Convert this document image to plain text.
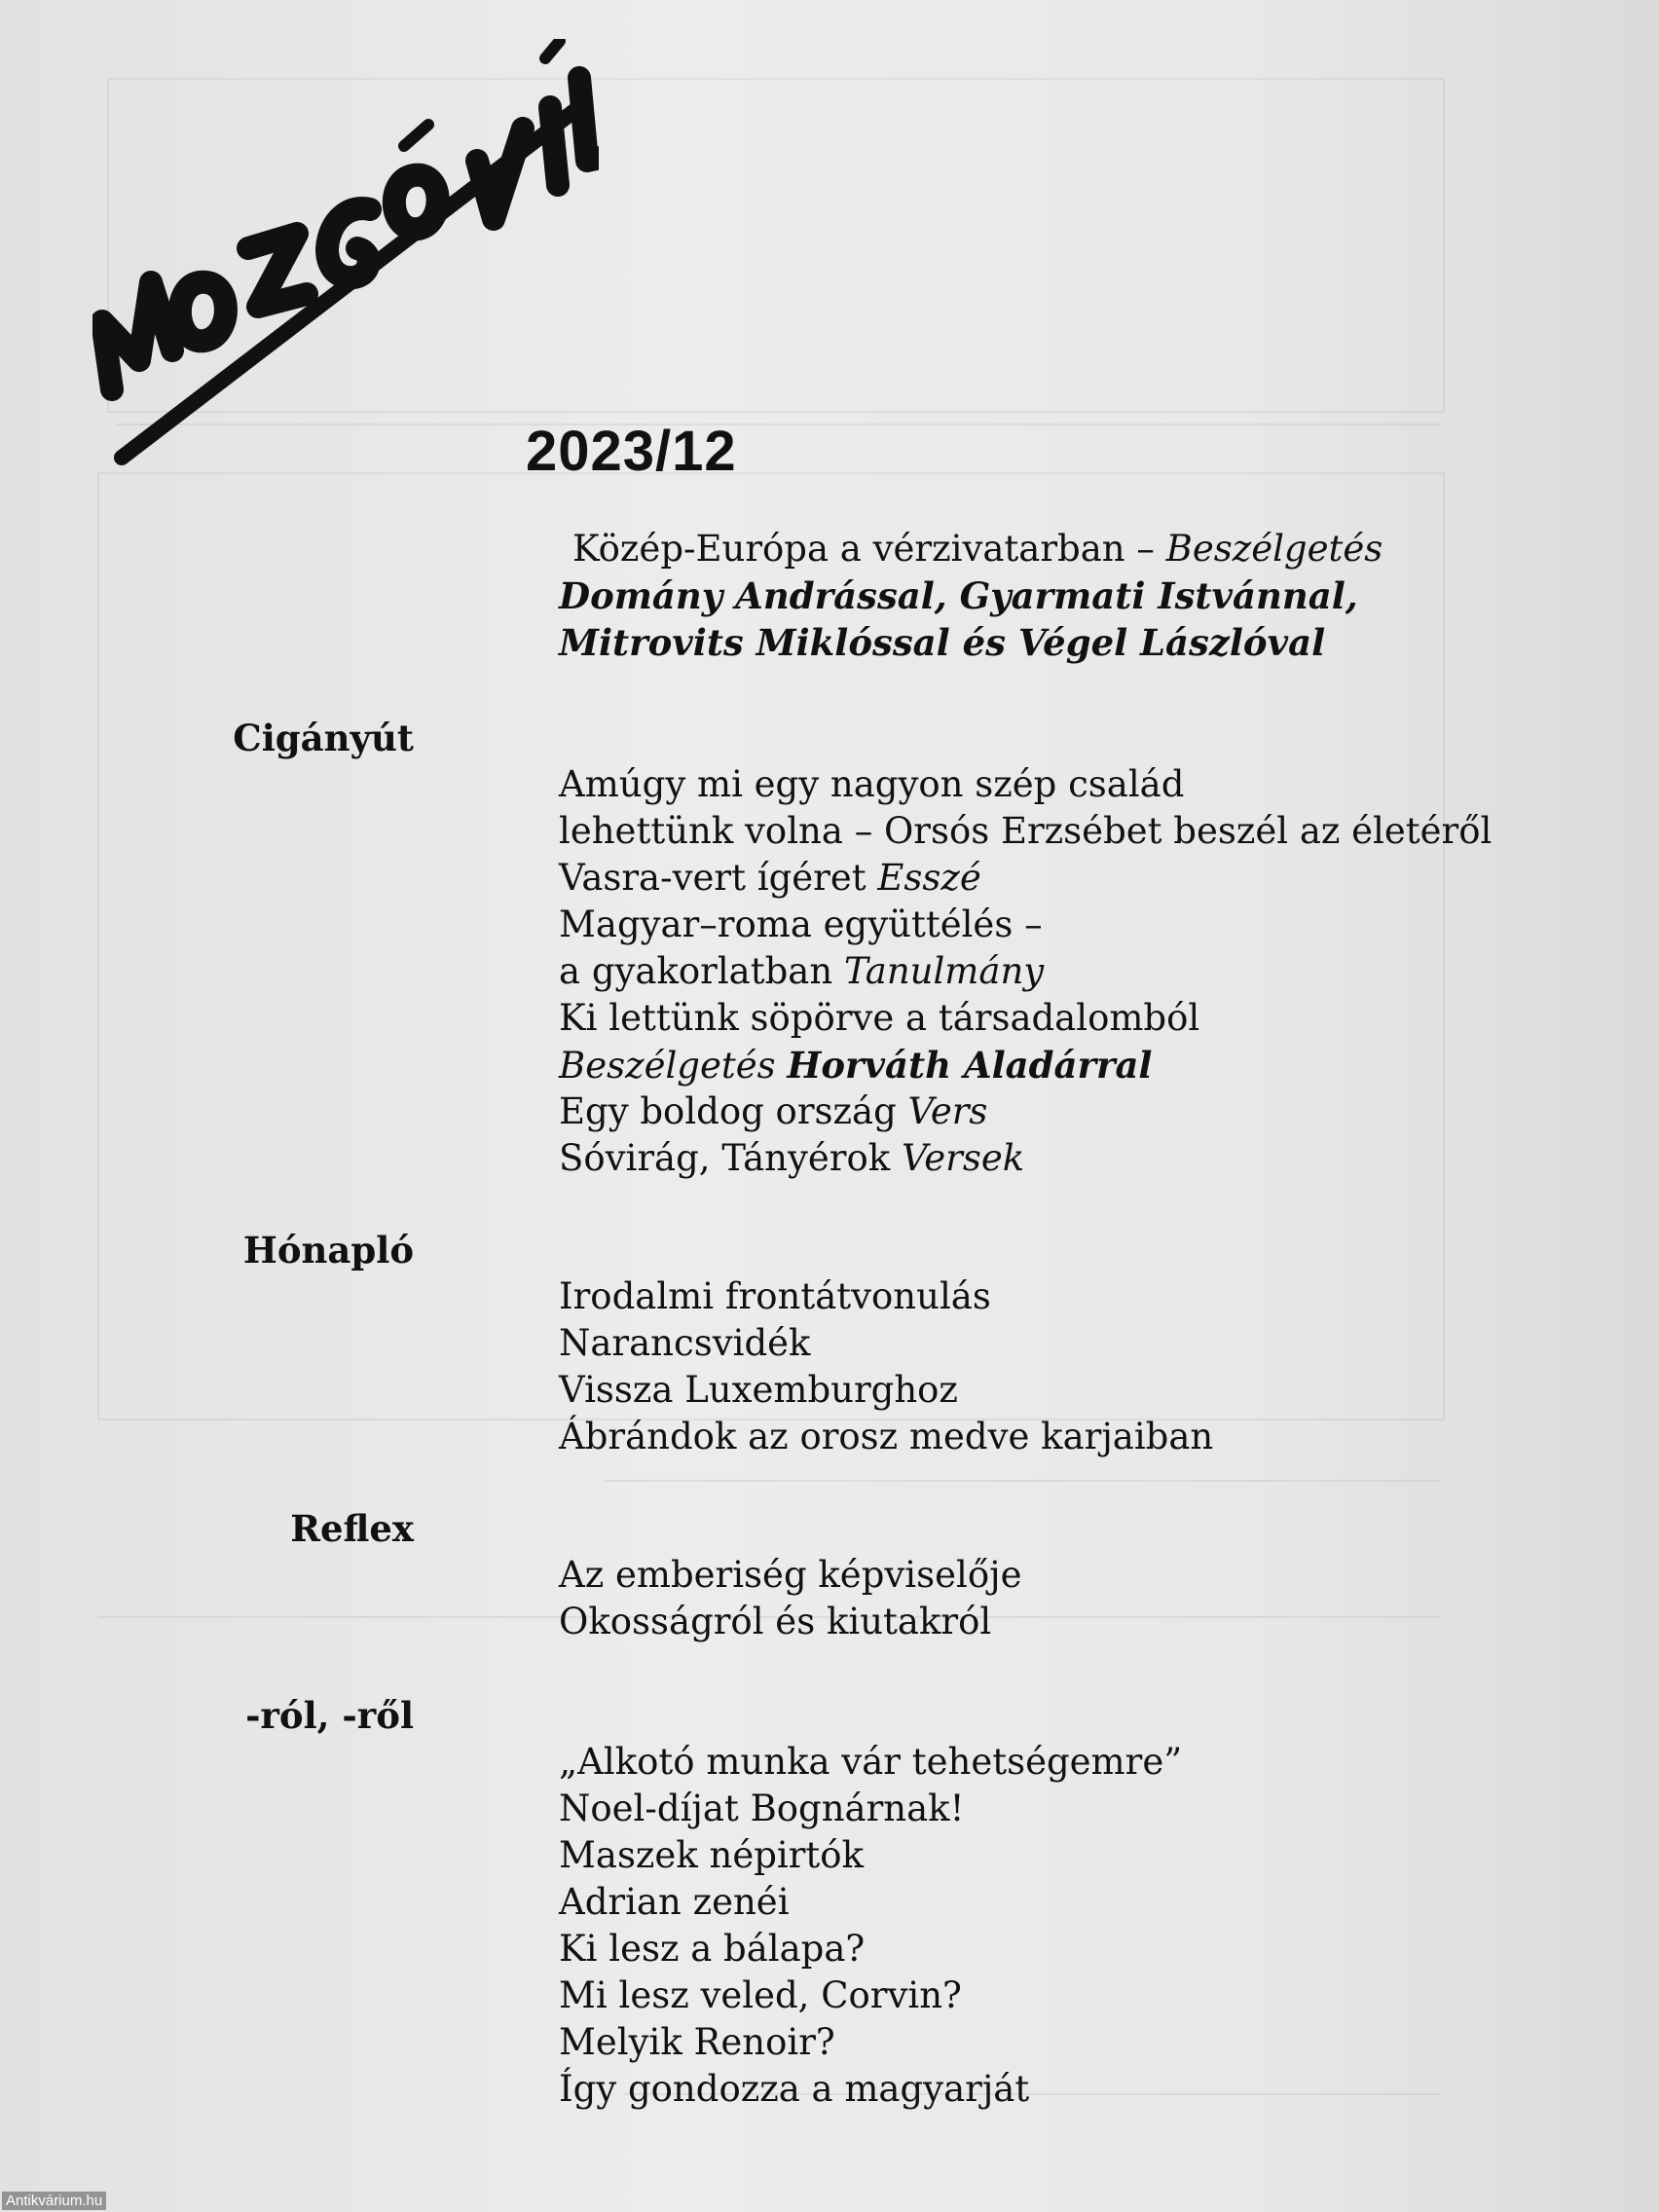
MOZGÓ VILÁG
2023/12
Közép-Európa a vérzivatarban – Beszélgetés
Domány Andrással, Gyarmati Istvánnal,
Mitrovits Miklóssal és Végel Lászlóval
Cigányút
Amúgy mi egy nagyon szép család
lehettünk volna – Orsós Erzsébet beszél az életéről
Vasra-vert ígéret Esszé
Magyar–roma együttélés –
a gyakorlatban Tanulmány
Ki lettünk söpörve a társadalomból
Beszélgetés Horváth Aladárral
Egy boldog ország Vers
Sóvirág, Tányérok Versek
Hónapló
Irodalmi frontátvonulás
Narancsvidék
Vissza Luxemburghoz
Ábrándok az orosz medve karjaiban
Reflex
Az emberiség képviselője
Okosságról és kiutakról
-ról, -ről
„Alkotó munka vár tehetségemre”
Noel-díjat Bognárnak!
Maszek népirtók
Adrian zenéi
Ki lesz a bálapa?
Mi lesz veled, Corvin?
Melyik Renoir?
Így gondozza a magyarját
Antikvárium.hu
